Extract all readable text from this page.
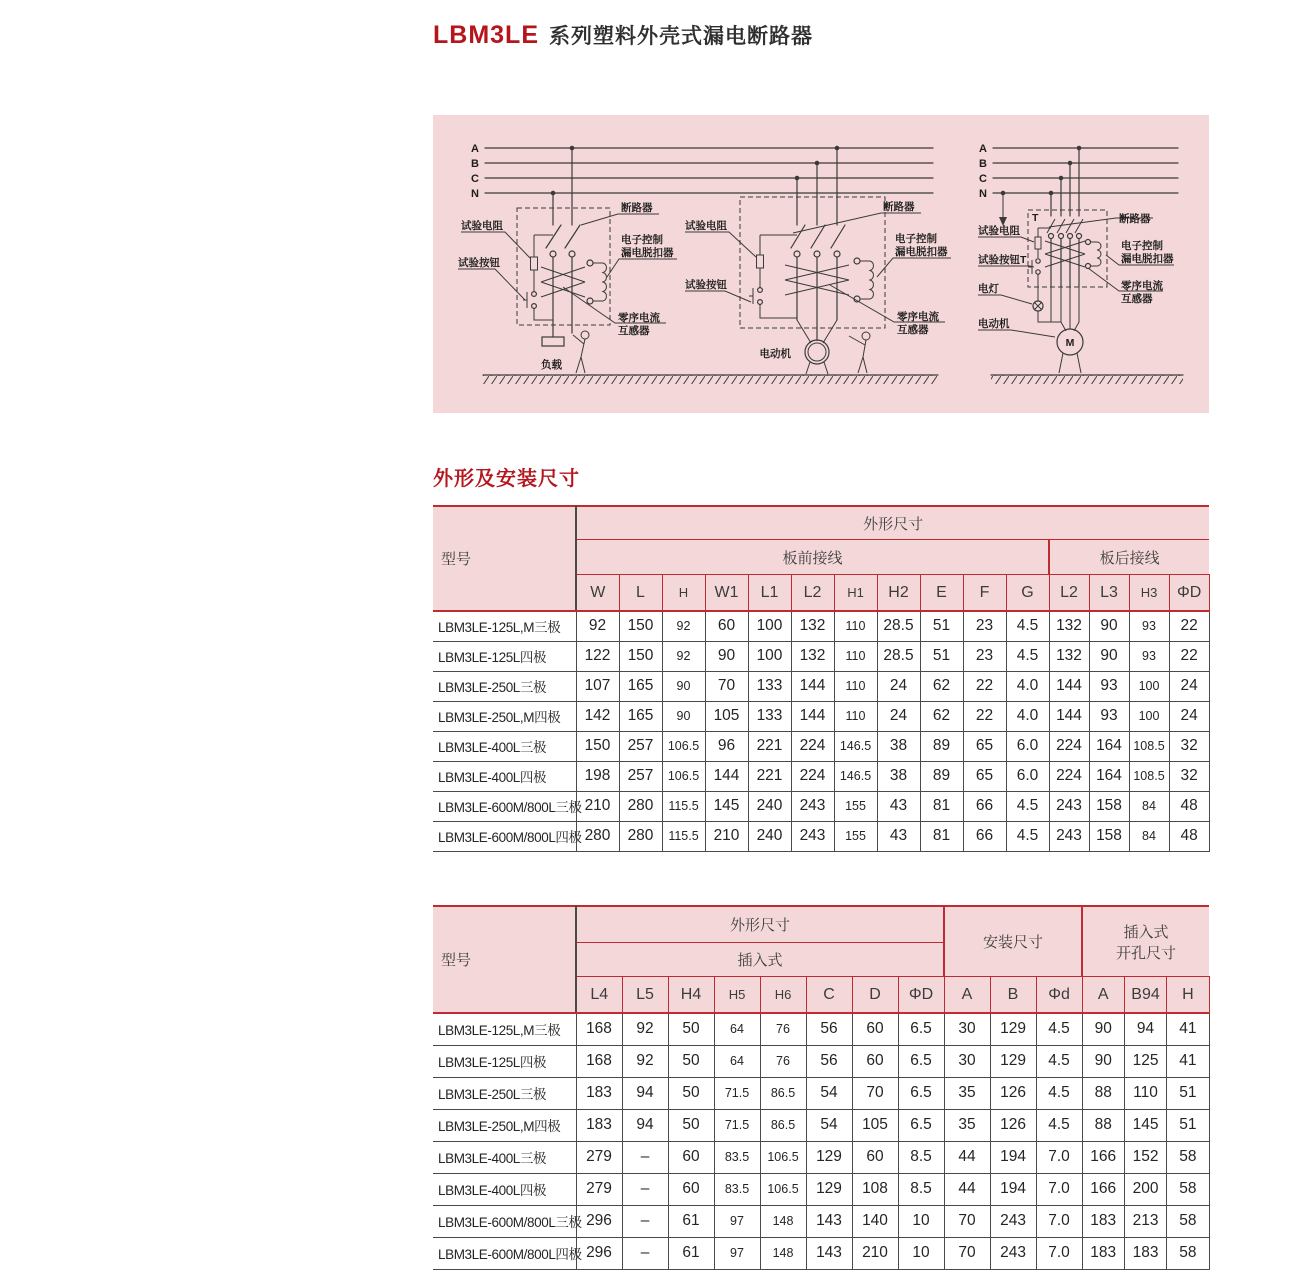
LBM3LE 系列塑料外壳式漏电断路器
A
B
C
N
试验电阻
试验按钮
断路器
电子控制
漏电脱扣器
零序电流
互感器
负载
试验电阻
试验按钮
断路器
电子控制
漏电脱扣器
零序电流
互感器
电动机
A
B
C
N
T
M
试验电阻
试验按钮T
电灯
电动机
断路器
电子控制
漏电脱扣器
零序电流
互感器
外形及安装尺寸
型号	外形尺寸														
	板前接线											板后接线			
	W	L	H	W1	L1	L2	H1	H2	E	F	G	L2	L3	H3	ΦD
LBM3LE-125L,M三极	92	150	92	60	100	132	110	28.5	51	23	4.5	132	90	93	22
LBM3LE-125L四极	122	150	92	90	100	132	110	28.5	51	23	4.5	132	90	93	22
LBM3LE-250L三极	107	165	90	70	133	144	110	24	62	22	4.0	144	93	100	24
LBM3LE-250L,M四极	142	165	90	105	133	144	110	24	62	22	4.0	144	93	100	24
LBM3LE-400L三极	150	257	106.5	96	221	224	146.5	38	89	65	6.0	224	164	108.5	32
LBM3LE-400L四极	198	257	106.5	144	221	224	146.5	38	89	65	6.0	224	164	108.5	32
LBM3LE-600M/800L三极	210	280	115.5	145	240	243	155	43	81	66	4.5	243	158	84	48
LBM3LE-600M/800L四极	280	280	115.5	210	240	243	155	43	81	66	4.5	243	158	84	48
型号	外形尺寸								安装尺寸			插入式
开孔尺寸		

	插入式													
	L4	L5	H4	H5	H6	C	D	ΦD	A	B	Φd	A	B94	H
LBM3LE-125L,M三极	168	92	50	64	76	56	60	6.5	30	129	4.5	90	94	41
LBM3LE-125L四极	168	92	50	64	76	56	60	6.5	30	129	4.5	90	125	41
LBM3LE-250L三极	183	94	50	71.5	86.5	54	70	6.5	35	126	4.5	88	110	51
LBM3LE-250L,M四极	183	94	50	71.5	86.5	54	105	6.5	35	126	4.5	88	145	51
LBM3LE-400L三极	279	–	60	83.5	106.5	129	60	8.5	44	194	7.0	166	152	58
LBM3LE-400L四极	279	–	60	83.5	106.5	129	108	8.5	44	194	7.0	166	200	58
LBM3LE-600M/800L三极	296	–	61	97	148	143	140	10	70	243	7.0	183	213	58
LBM3LE-600M/800L四极	296	–	61	97	148	143	210	10	70	243	7.0	183	183	58
